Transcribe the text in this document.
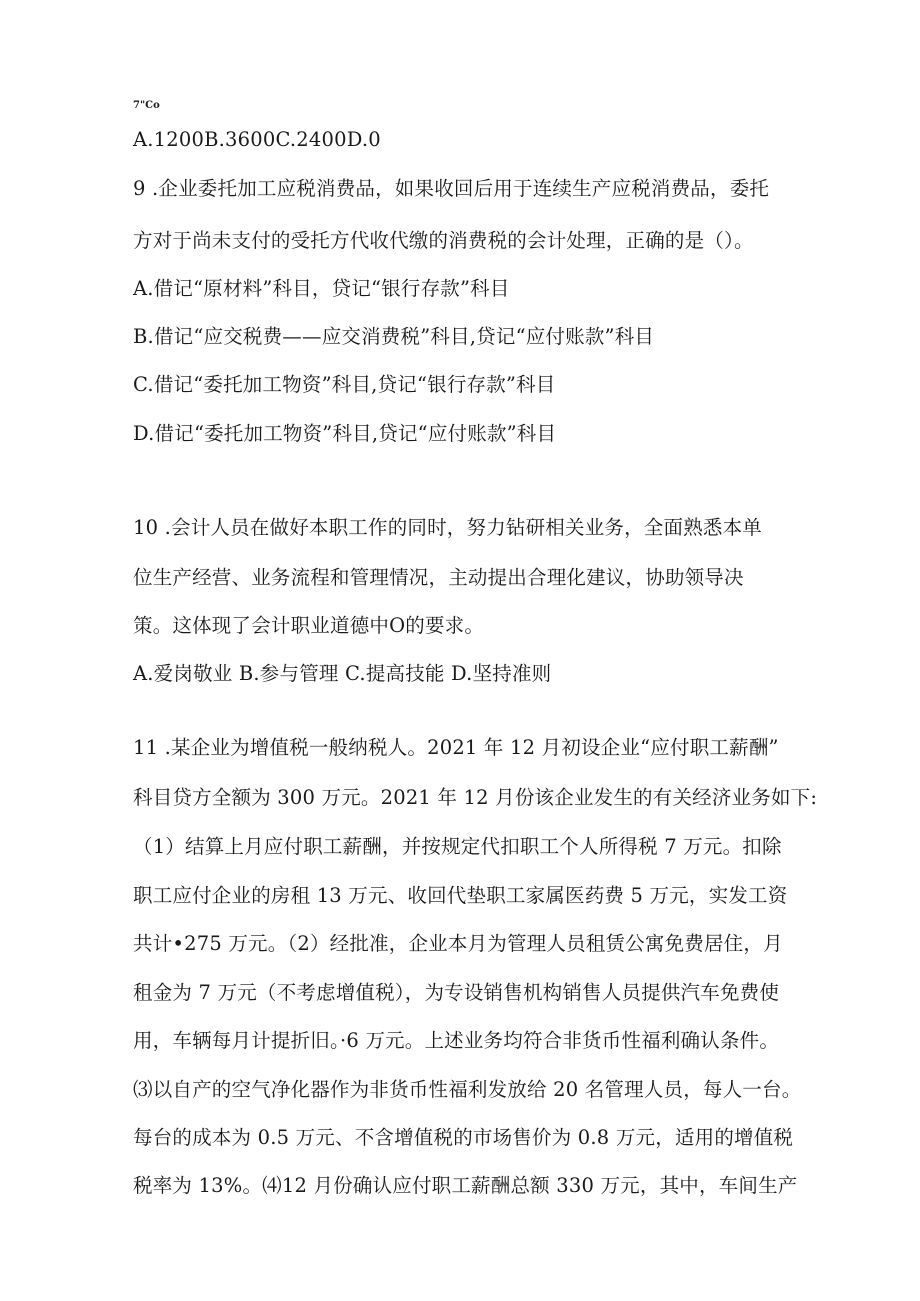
7"Co
A.1200B.3600C.2400D.0
9 .企业委托加工应税消费品，如果收回后用于连续生产应税消费品，委托
方对于尚未支付的受托方代收代缴的消费税的会计处理，正确的是（）。
A.借记“原材料”科目，贷记“银行存款”科目
B.借记“应交税费——应交消费税”科目,贷记“应付账款”科目
C.借记“委托加工物资”科目,贷记“银行存款”科目
D.借记“委托加工物资”科目,贷记“应付账款”科目
10 .会计人员在做好本职工作的同时，努力钻研相关业务，全面熟悉本单
位生产经营、业务流程和管理情况，主动提出合理化建议，协助领导决
策。这体现了会计职业道德中O的要求。
A.爱岗敬业 B.参与管理 C.提高技能 D.坚持准则
11 .某企业为增值税一般纳税人。2021 年 12 月初设企业“应付职工薪酬”
科目贷方全额为 300 万元。2021 年 12 月份该企业发生的有关经济业务如下:
（1）结算上月应付职工薪酬，并按规定代扣职工个人所得税 7 万元。扣除
职工应付企业的房租 13 万元、收回代垫职工家属医药费 5 万元，实发工资
共计•275 万元。（2）经批准，企业本月为管理人员租赁公寓免费居住，月
租金为 7 万元（不考虑增值税），为专设销售机构销售人员提供汽车免费使
用，车辆每月计提折旧。·6 万元。上述业务均符合非货币性福利确认条件。
⑶以自产的空气净化器作为非货币性福利发放给 20 名管理人员，每人一台。
每台的成本为 0.5 万元、不含增值税的市场售价为 0.8 万元，适用的增值税
税率为 13%。⑷12 月份确认应付职工薪酬总额 330 万元，其中，车间生产
